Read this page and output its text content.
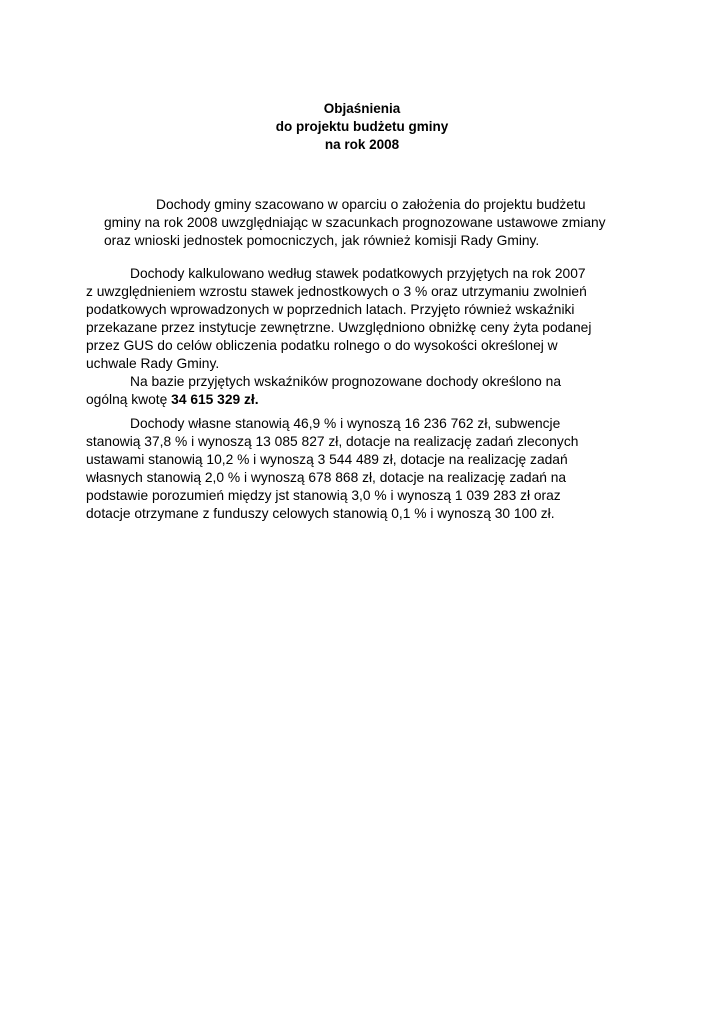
Objaśnienia
do projektu budżetu gminy
na rok 2008
Dochody gminy szacowano w oparciu o założenia do projektu budżetu
gminy na rok 2008 uwzględniając w szacunkach prognozowane ustawowe zmiany
oraz wnioski jednostek pomocniczych, jak również komisji Rady Gminy.
Dochody kalkulowano według stawek podatkowych przyjętych na rok 2007
z uwzględnieniem wzrostu stawek jednostkowych o 3 % oraz utrzymaniu zwolnień
podatkowych wprowadzonych w poprzednich latach. Przyjęto również wskaźniki
przekazane przez instytucje zewnętrzne. Uwzględniono obniżkę ceny żyta podanej
przez GUS do celów obliczenia podatku rolnego o do wysokości określonej w
uchwale Rady Gminy.
Na bazie przyjętych wskaźników prognozowane dochody określono na
ogólną kwotę 34 615 329 zł.
Dochody własne stanowią 46,9 % i wynoszą 16 236 762 zł, subwencje
stanowią 37,8 % i wynoszą 13 085 827 zł, dotacje na realizację zadań zleconych
ustawami stanowią 10,2 % i wynoszą 3 544 489 zł, dotacje na realizację zadań
własnych stanowią 2,0 % i wynoszą 678 868 zł, dotacje na realizację zadań na
podstawie porozumień między jst stanowią 3,0 % i wynoszą 1 039 283 zł oraz
dotacje otrzymane z funduszy celowych stanowią 0,1 % i wynoszą 30 100 zł.
